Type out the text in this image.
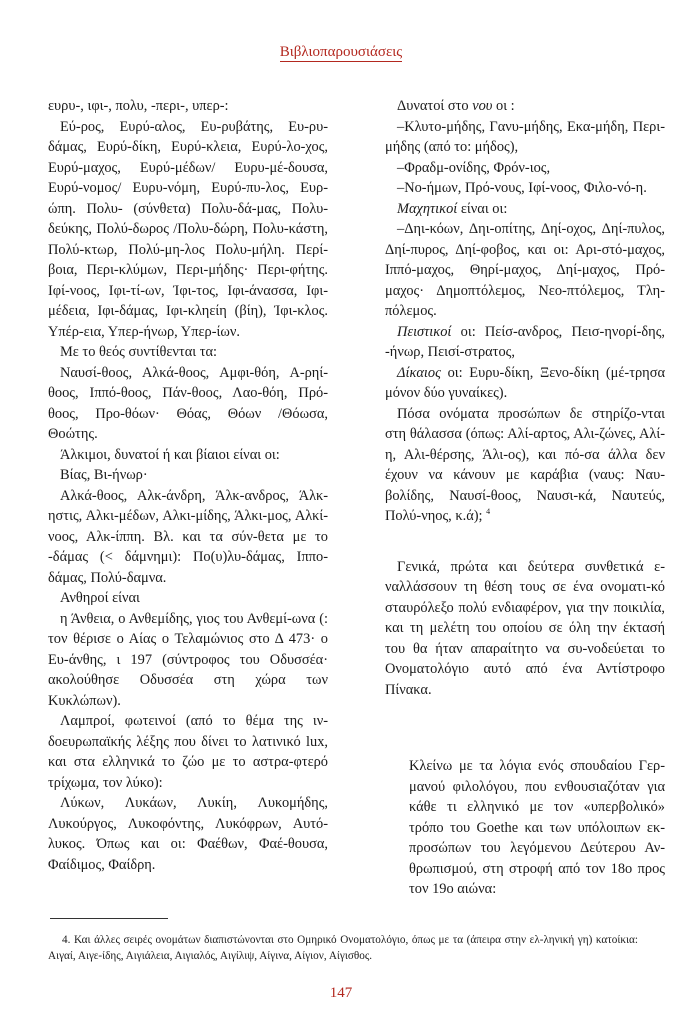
Βιβλιοπαρουσιάσεις

ευρυ-, ιφι-, πολυ, -περι-, υπερ-:

Εύ-ρος, Ευρύ-αλος, Ευ-ρυβάτης, Ευ-ρυ-δάμας, Ευρύ-δίκη, Ευρύ-κλεια, Ευρύ-λο-χος, Ευρύ-μαχος, Ευρύ-μέδων/ Ευρυ-μέ-δουσα, Ευρύ-νομος/ Ευρυ-νόμη, Ευρύ-πυ-λος, Ευρ-ώπη. Πολυ- (σύνθετα) Πολυ-δά-μας, Πολυ-δεύκης, Πολύ-δωρος /Πολυ-δώρη, Πολυ-κάστη, Πολύ-κτωρ, Πολύ-μη-λος Πολυ-μήλη. Περί-βοια, Περι-κλύμων, Περι-μήδης· Περι-φήτης. Ιφί-νοος, Ιφι-τί-ων, Ίφι-τος, Ιφι-άνασσα, Ιφι-μέδεια, Ιφι-δάμας, Ιφι-κληείη (βίη), Ίφι-κλος. Υπέρ-εια, Υπερ-ήνωρ, Υπερ-ίων.

Με το θεός συντίθενται τα:

Ναυσί-θοος, Αλκά-θοος, Αμφι-θόη, Α-ρηί-θοος, Ιππό-θοος, Πάν-θοος, Λαο-θόη, Πρό-θοος, Προ-θόων· Θόας, Θόων /Θόωσα, Θοώτης.

Άλκιμοι, δυνατοί ή και βίαιοι είναι οι:

Βίας, Βι-ήνωρ·

Αλκά-θοος, Αλκ-άνδρη, Άλκ-ανδρος, Άλκ-ηστις, Αλκι-μέδων, Αλκι-μίδης, Άλκι-μος, Αλκί-νοος, Αλκ-ίππη. Βλ. και τα σύν-θετα με το -δάμας (< δάμνημι): Πο(υ)λυ-δάμας, Ιππο-δάμας, Πολύ-δαμνα.

Ανθηροί είναι

η Άνθεια, ο Ανθεμίδης, γιος του Ανθεμί-ωνα (: τον θέρισε ο Αίας ο Τελαμώνιος στο Δ 473· ο Ευ-άνθης, ι 197 (σύντροφος του Οδυσσέα· ακολούθησε Οδυσσέα στη χώρα των Κυκλώπων).

Λαμπροί, φωτεινοί (από το θέμα της ιν-δοευρωπαϊκής λέξης που δίνει το λατινικό lux, και στα ελληνικά το ζώο με το αστρα-φτερό τρίχωμα, τον λύκο):

Λύκων, Λυκάων, Λυκίη, Λυκομήδης, Λυκούργος, Λυκοφόντης, Λυκόφρων, Αυτό-λυκος. Όπως και οι: Φαέθων, Φαέ-θουσα, Φαίδιμος, Φαίδρη.

Δυνατοί στο νου οι :

–Κλυτο-μήδης, Γανυ-μήδης, Εκα-μήδη, Περι-μήδης (από το: μήδος),

–Φραδμ-ονίδης, Φρόν-ιος,

–Νο-ήμων, Πρό-νους, Ιφί-νοος, Φιλο-νό-η.

Μαχητικοί είναι οι:

–Δηι-κόων, Δηι-οπίτης, Δηί-οχος, Δηί-πυλος, Δηί-πυρος, Δηί-φοβος, και οι: Αρι-στό-μαχος, Ιππό-μαχος, Θηρί-μαχος, Δηί-μαχος, Πρό-μαχος· Δημοπτόλεμος, Νεο-πτόλεμος, Τλη-πόλεμος.

Πειστικοί οι: Πείσ-ανδρος, Πεισ-ηνορί-δης, -ήνωρ, Πεισί-στρατος,

Δίκαιος οι: Ευρυ-δίκη, Ξενο-δίκη (μέ-τρησα μόνον δύο γυναίκες).

Πόσα ονόματα προσώπων δε στηρίζο-νται στη θάλασσα (όπως: Αλί-αρτος, Αλι-ζώνες, Αλί-η, Αλι-θέρσης, Άλι-ος), και πό-σα άλλα δεν έχουν να κάνουν με καράβια (ναυς: Ναυ-βολίδης, Ναυσί-θοος, Ναυσι-κά, Ναυτεύς, Πολύ-νηος, κ.ά); $^4$

Γενικά, πρώτα και δεύτερα συνθετικά ε-ναλλάσσουν τη θέση τους σε ένα ονοματι-κό σταυρόλεξο πολύ ενδιαφέρον, για την ποικιλία, και τη μελέτη του οποίου σε όλη την έκτασή του θα ήταν απαραίτητο να συ-νοδεύεται το Ονοματολόγιο αυτό από ένα Αντίστροφο Πίνακα.

Κλείνω με τα λόγια ενός σπουδαίου Γερ-μανού φιλολόγου, που ενθουσιαζόταν για κάθε τι ελληνικό με τον «υπερβολικό» τρόπο του Goethe και των υπόλοιπων εκ-προσώπων του λεγόμενου Δεύτερου Αν-θρωπισμού, στη στροφή από τον 18ο προς τον 19ο αιώνα:

4. Και άλλες σειρές ονομάτων διαπιστώνονται στο Ομηρικό Ονοματολόγιο, όπως με τα (άπειρα στην ελ-ληνική γη) κατοίκια: Αιγαί, Αιγε-ίδης, Αιγιάλεια, Αιγιαλός, Αιγίλιψ, Αίγινα, Αίγιον, Αίγισθος.
147
